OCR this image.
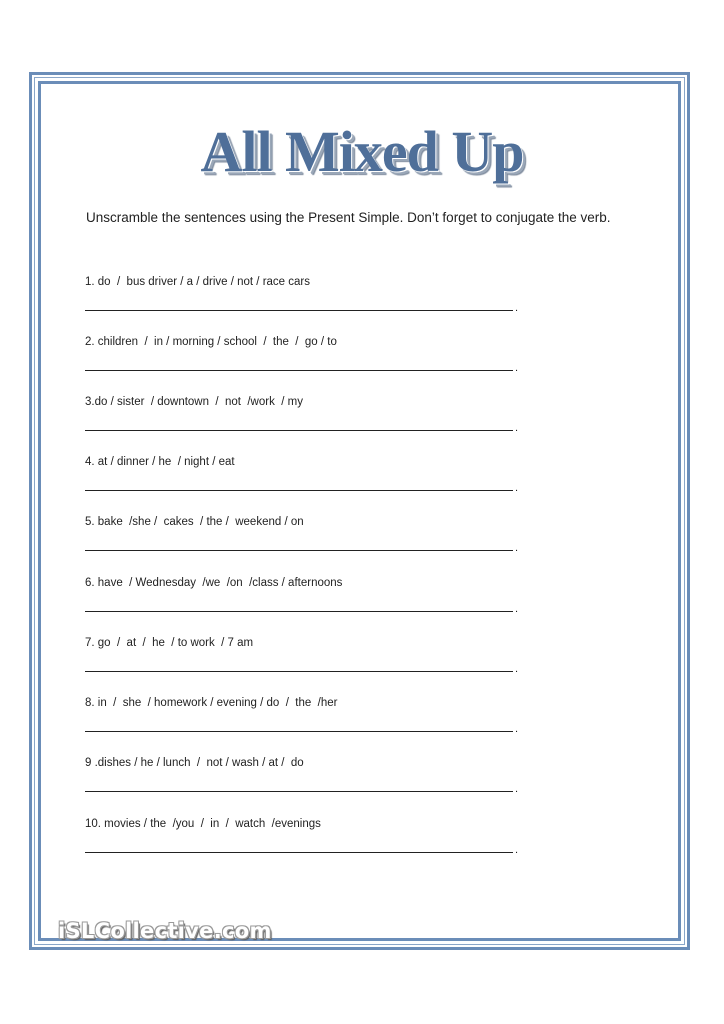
All Mixed Up
Unscramble the sentences using the Present Simple. Don’t forget to conjugate the verb.
1. do  /  bus driver / a / drive / not / race cars
.
2. children  /  in / morning / school  /  the  /  go / to
.
3.do / sister  / downtown  /  not  /work  / my
.
4. at / dinner / he  / night / eat
.
5. bake  /she /  cakes  / the /  weekend / on
.
6. have  / Wednesday  /we  /on  /class / afternoons
.
7. go  /  at  /  he  / to work  / 7 am
.
8. in  /  she  / homework / evening / do  /  the  /her
.
9 .dishes / he / lunch  /  not / wash / at /  do
.
10. movies / the  /you  /  in  /  watch  /evenings
.
iSLCollective.com
